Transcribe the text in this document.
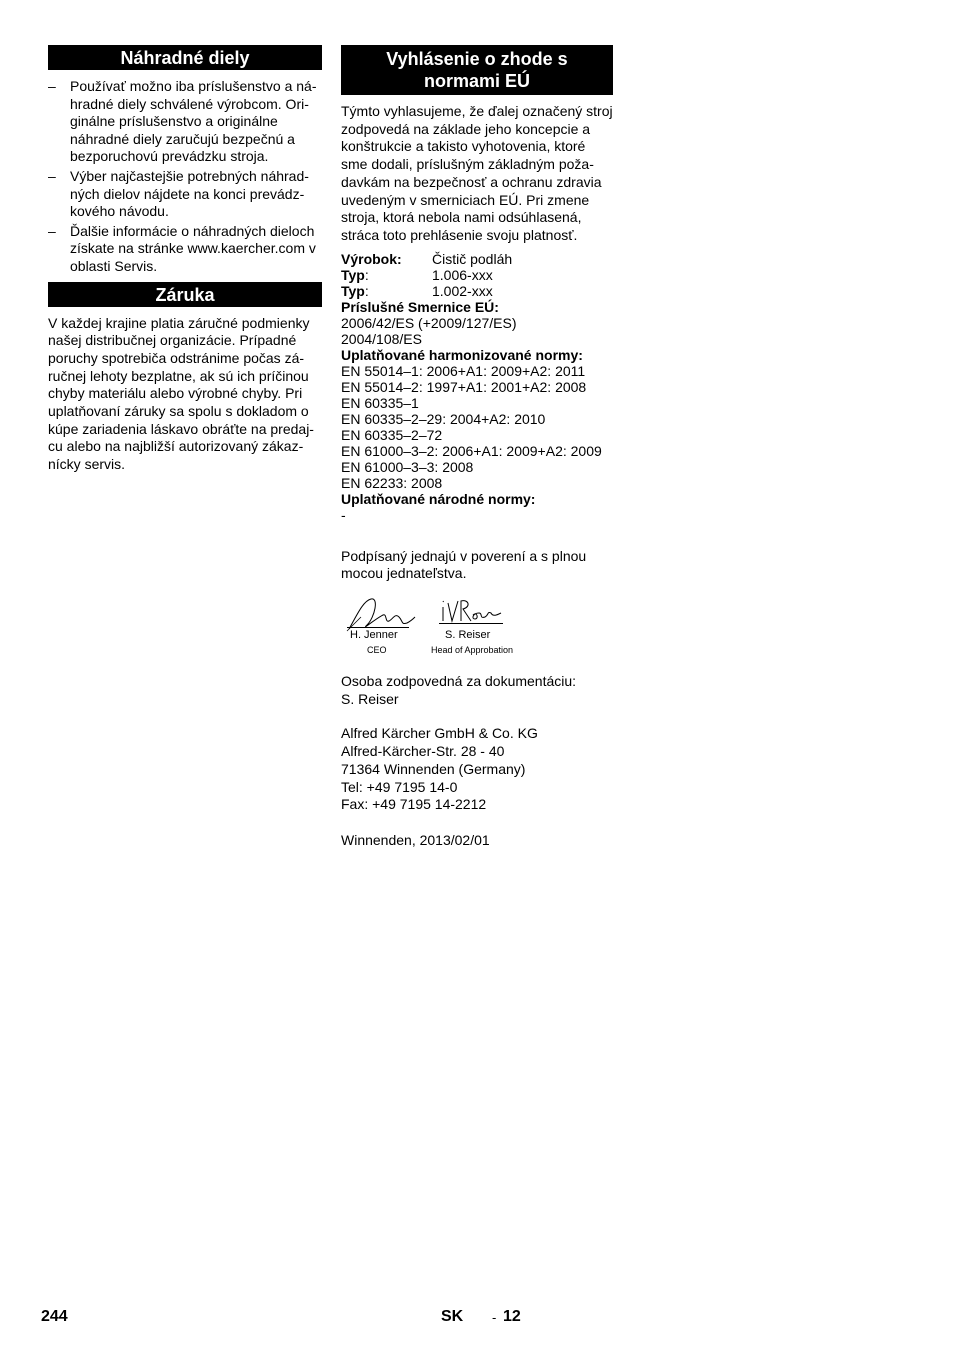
Náhradné diely
– Používať možno iba príslušenstvo a ná-hradné diely schválené výrobcom. Ori-ginálne príslušenstvo a originálne náhradné diely zaručujú bezpečnú a bezporuchovú prevádzku stroja.
– Výber najčastejšie potrebných náhrad-ných dielov nájdete na konci prevádz-kového návodu.
– Ďalšie informácie o náhradných dieloch získate na stránke www.kaercher.com v oblasti Servis.
Záruka

V každej krajine platia záručné podmienky našej distribučnej organizácie. Prípadné poruchy spotrebiča odstránime počas zá-ručnej lehoty bezplatne, ak sú ich príčinou chyby materiálu alebo výrobné chyby. Pri uplatňovaní záruky sa spolu s dokladom o kúpe zariadenia láskavo obráťte na predaj-cu alebo na najbližší autorizovaný zákaz-nícky servis.

Vyhlásenie o zhode s normami EÚ

Týmto vyhlasujeme, že ďalej označený stroj zodpovedá na základe jeho koncepcie a konštrukcie a takisto vyhotovenia, ktoré sme dodali, príslušným základným poža-davkám na bezpečnosť a ochranu zdravia uvedeným v smerniciach EÚ. Pri zmene stroja, ktorá nebola nami odsúhlasená, stráca toto prehlásenie svoju platnosť.

Výrobok:	Čistič podláh
Typ:	1.006-xxx
Typ:	1.002-xxx
Príslušné Smernice EÚ:
2006/42/ES (+2009/127/ES)
2004/108/ES
Uplatňované harmonizované normy:
EN 55014–1: 2006+A1: 2009+A2: 2011
EN 55014–2: 1997+A1: 2001+A2: 2008
EN 60335–1
EN 60335–2–29: 2004+A2: 2010
EN 60335–2–72
EN 61000–3–2: 2006+A1: 2009+A2: 2009
EN 61000–3–3: 2008
EN 62233: 2008
Uplatňované národné normy:
-

Podpísaný jednajú v poverení a s plnou mocou jednateľstva.

H. Jenner
CEO
S. Reiser
Head of Approbation

Osoba zodpovedná za dokumentáciu:

S. Reiser

Alfred Kärcher GmbH & Co. KG

Alfred-Kärcher-Str. 28 - 40

71364 Winnenden (Germany)

Tel: +49 7195 14-0

Fax: +49 7195 14-2212

Winnenden, 2013/02/01

244	SK - 12
